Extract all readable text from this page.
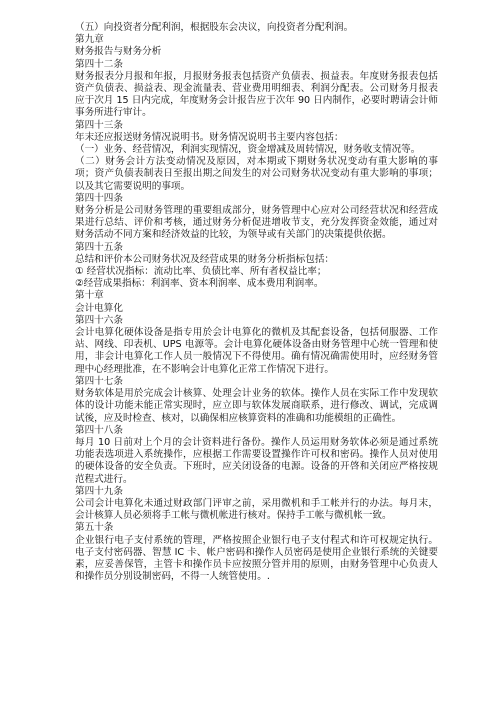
（五）向投资者分配利润，根据股东会决议，向投资者分配利润。

第九章

财务报告与财务分析

第四十二条

财务报表分月报和年报，月报财务报表包括资产负债表、损益表。年度财务报表包括资产负债表、损益表、现金流量表、营业费用明细表、利润分配表。公司财务月报表应于次月 15 日内完成，年度财务会计报告应于次年 90 日内制作，必要时聘请会计师事务所进行审计。

第四十三条

年末还应报送财务情况说明书。财务情况说明书主要内容包括：

（一）业务、经营情况，利润实现情况，资金增减及周转情况，财务收支情况等。

（二）财务会计方法变动情况及原因，对本期或下期财务状况变动有重大影响的事项；资产负债表制表日至报出期之间发生的对公司财务状况变动有重大影响的事项；以及其它需要说明的事项。

第四十四条

财务分析是公司财务管理的重要组成部分，财务管理中心应对公司经营状况和经营成果进行总结、评价和考核，通过财务分析促进增收节支，充分发挥资金效能，通过对财务活动不同方案和经济效益的比较，为领导或有关部门的决策提供依据。

第四十五条

总结和评价本公司财务状况及经营成果的财务分析指标包括：

① 经营状况指标：流动比率、负债比率、所有者权益比率；

②经营成果指标：利润率、资本利润率、成本费用利润率。

第十章

会计电算化

第四十六条

会计电算化硬体设备是指专用於会计电算化的微机及其配套设备，包括伺服器、工作站、网线、印表机、UPS 电源等。会计电算化硬体设备由财务管理中心统一管理和使用，非会计电算化工作人员一般情况下不得使用。确有情况确需使用时，应经财务管理中心经理批准，在不影响会计电算化正常工作情况下进行。

第四十七条

财务软体是用於完成会计核算、处理会计业务的软体。操作人员在实际工作中发现软体的设计功能未能正常实现时，应立即与软体发展商联系，进行修改、调试，完成调试後，应及时检查、核对，以确保相应核算资料的准确和功能模组的正确性。

第四十八条

每月 10 日前对上个月的会计资料进行备份。操作人员运用财务软体必须是通过系统功能表选项进入系统操作，应根据工作需要设置操作许可权和密码。操作人员对使用的硬体设备的安全负责。下班时，应关闭设备的电源。设备的开啓和关闭应严格按规范程式进行。

第四十九条

公司会计电算化未通过财政部门评审之前，采用微机和手工帐并行的办法。每月末，会计核算人员必须将手工帐与微机帐进行核对。保持手工帐与微机帐一致。

第五十条

企业银行电子支付系统的管理，严格按照企业银行电子支付程式和许可权规定执行。电子支付密码器、智慧 IC 卡、帐户密码和操作人员密码是使用企业银行系统的关键要素，应妥善保管，主管卡和操作员卡应按照分管并用的原则，由财务管理中心负责人和操作员分别设制密码，不得一人统管使用。.
